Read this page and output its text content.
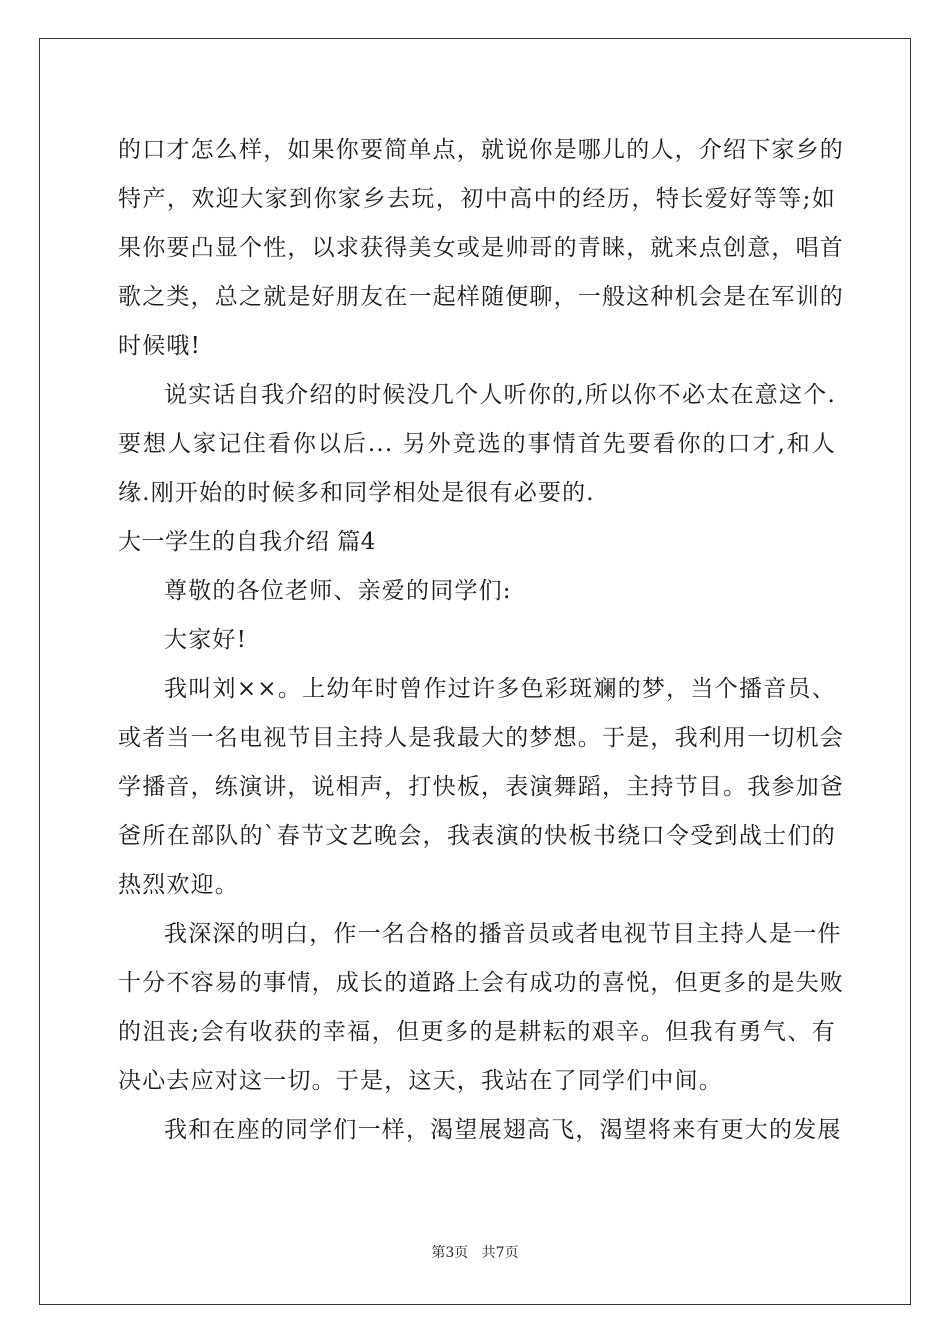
的口才怎么样，如果你要简单点，就说你是哪儿的人，介绍下家乡的
特产，欢迎大家到你家乡去玩，初中高中的经历，特长爱好等等;如
果你要凸显个性，以求获得美女或是帅哥的青睐，就来点创意，唱首
歌之类，总之就是好朋友在一起样随便聊，一般这种机会是在军训的
时候哦!
说实话自我介绍的时候没几个人听你的,所以你不必太在意这个.
要想人家记住看你以后... 另外竞选的事情首先要看你的口才,和人
缘.刚开始的时候多和同学相处是很有必要的.
大一学生的自我介绍 篇4
尊敬的各位老师、亲爱的同学们:
大家好!
我叫刘××。上幼年时曾作过许多色彩斑斓的梦，当个播音员、
或者当一名电视节目主持人是我最大的梦想。于是，我利用一切机会
学播音，练演讲，说相声，打快板，表演舞蹈，主持节目。我参加爸
爸所在部队的`春节文艺晚会，我表演的快板书绕口令受到战士们的
热烈欢迎。
我深深的明白，作一名合格的播音员或者电视节目主持人是一件
十分不容易的事情，成长的道路上会有成功的喜悦，但更多的是失败
的沮丧;会有收获的幸福，但更多的是耕耘的艰辛。但我有勇气、有
决心去应对这一切。于是，这天，我站在了同学们中间。
我和在座的同学们一样，渴望展翅高飞，渴望将来有更大的发展
第3页 共7页
